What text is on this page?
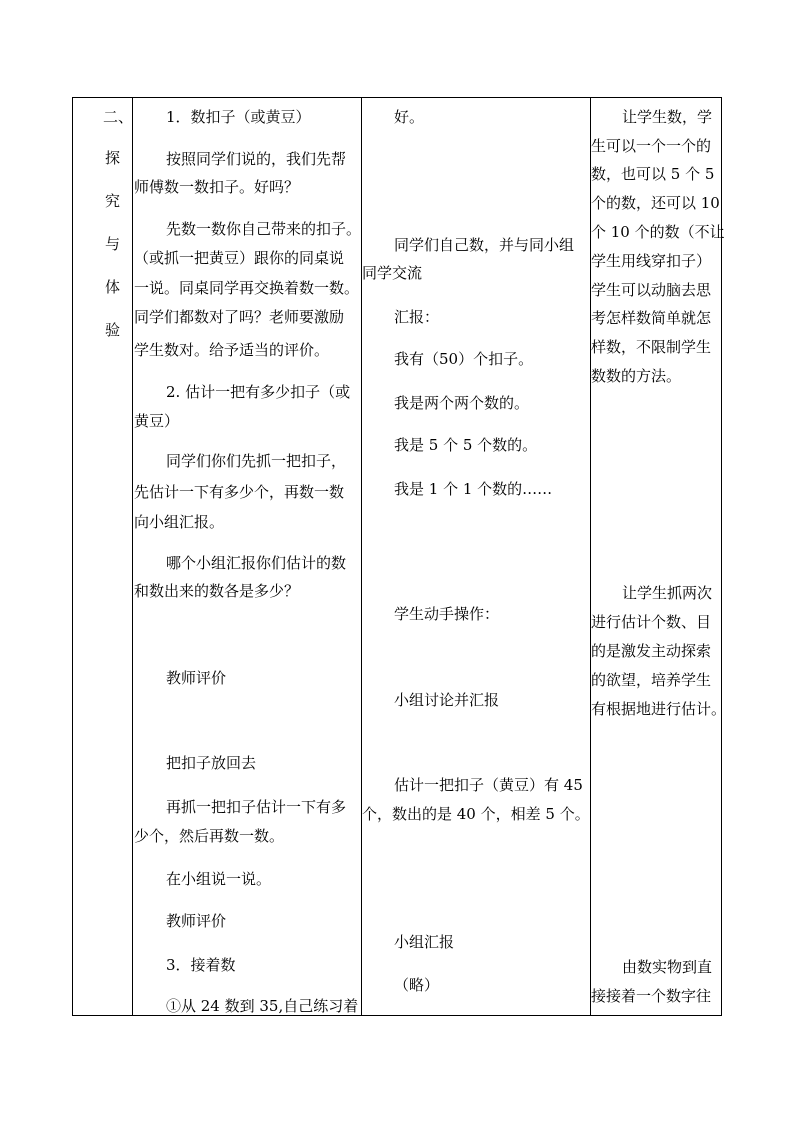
二、
探
究
与
体
验
1．数扣子（或黄豆）
按照同学们说的，我们先帮
师傅数一数扣子。好吗？
先数一数你自己带来的扣子。
（或抓一把黄豆）跟你的同桌说
一说。同桌同学再交换着数一数。
同学们都数对了吗？老师要激励
学生数对。给予适当的评价。
2. 估计一把有多少扣子（或
黄豆）
同学们你们先抓一把扣子，
先估计一下有多少个，再数一数
向小组汇报。
哪个小组汇报你们估计的数
和数出来的数各是多少？
教师评价
把扣子放回去
再抓一把扣子估计一下有多
少个，然后再数一数。
在小组说一说。
教师评价
3．接着数
①从 24 数到 35,自己练习着
好。
同学们自己数，并与同小组
同学交流
汇报：
我有（50）个扣子。
我是两个两个数的。
我是 5 个 5 个数的。
我是 1 个 1 个数的……
学生动手操作：
小组讨论并汇报
估计一把扣子（黄豆）有 45
个，数出的是 40 个，相差 5 个。
小组汇报
（略）
让学生数，学
生可以一个一个的
数，也可以 5 个 5
个的数，还可以 10
个 10 个的数（不让
学生用线穿扣子）
学生可以动脑去思
考怎样数简单就怎
样数，不限制学生
数数的方法。
让学生抓两次
进行估计个数、目
的是激发主动探索
的欲望，培养学生
有根据地进行估计。
由数实物到直
接接着一个数字往
